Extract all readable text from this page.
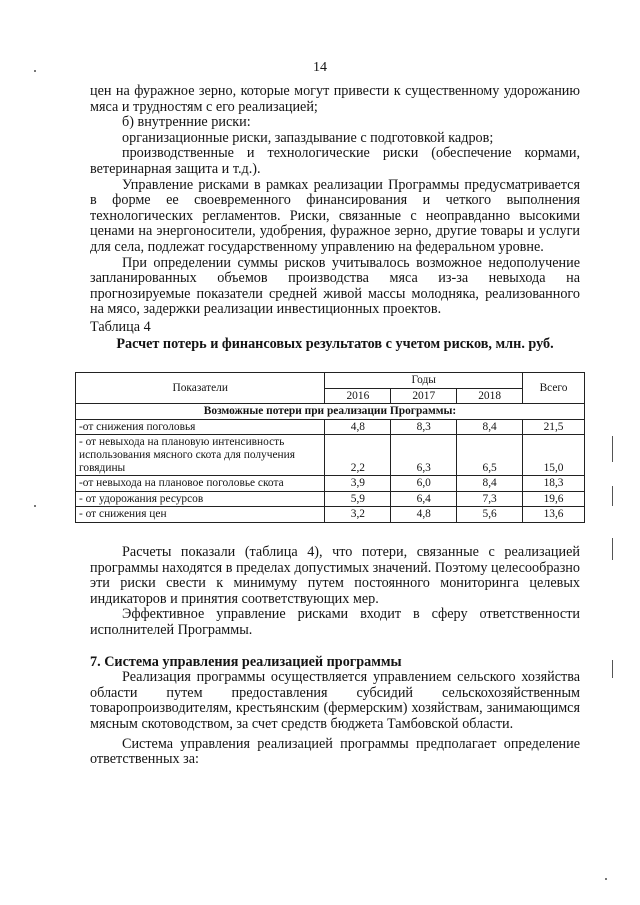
14

цен на фуражное зерно, которые могут привести к существенному удорожанию мяса и трудностям с его реализацией;

б) внутренние риски:

организационные риски, запаздывание с подготовкой кадров;

производственные и технологические риски (обеспечение кормами, ветеринарная защита и т.д.).

Управление рисками в рамках реализации Программы предусматривается в форме ее своевременного финансирования и четкого выполнения технологических регламентов. Риски, связанные с неоправданно высокими ценами на энергоносители, удобрения, фуражное зерно, другие товары и услуги для села, подлежат государственному управлению на федеральном уровне.

При определении суммы рисков учитывалось возможное недополучение запланированных объемов производства мяса из-за невыхода на прогнозируемые показатели средней живой массы молодняка, реализованного на мясо, задержки реализации инвестиционных проектов.

Таблица 4

Расчет потерь и финансовых результатов с учетом рисков, млн. руб.
Показатели	Годы			Всего
	2016	2017	2018	
Возможные потери при реализации Программы:				
-от снижения поголовья	4,8	8,3	8,4	21,5
- от невыхода на плановую интенсивность использования мясного скота для получения говядины	2,2	6,3	6,5	15,0
-от невыхода на плановое поголовье скота	3,9	6,0	8,4	18,3
- от удорожания ресурсов	5,9	6,4	7,3	19,6
- от снижения цен	3,2	4,8	5,6	13,6

Расчеты показали (таблица 4), что потери, связанные с реализацией программы находятся в пределах допустимых значений. Поэтому целесообразно эти риски свести к минимуму путем постоянного мониторинга целевых индикаторов и принятия соответствующих мер.

Эффективное управление рисками входит в сферу ответственности исполнителей Программы.

7. Система управления реализацией программы

Реализация программы осуществляется управлением сельского хозяйства области путем предоставления субсидий сельскохозяйственным товаропроизводителям, крестьянским (фермерским) хозяйствам, занимающимся мясным скотоводством, за счет средств бюджета Тамбовской области.

Система управления реализацией программы предполагает определение ответственных за:
